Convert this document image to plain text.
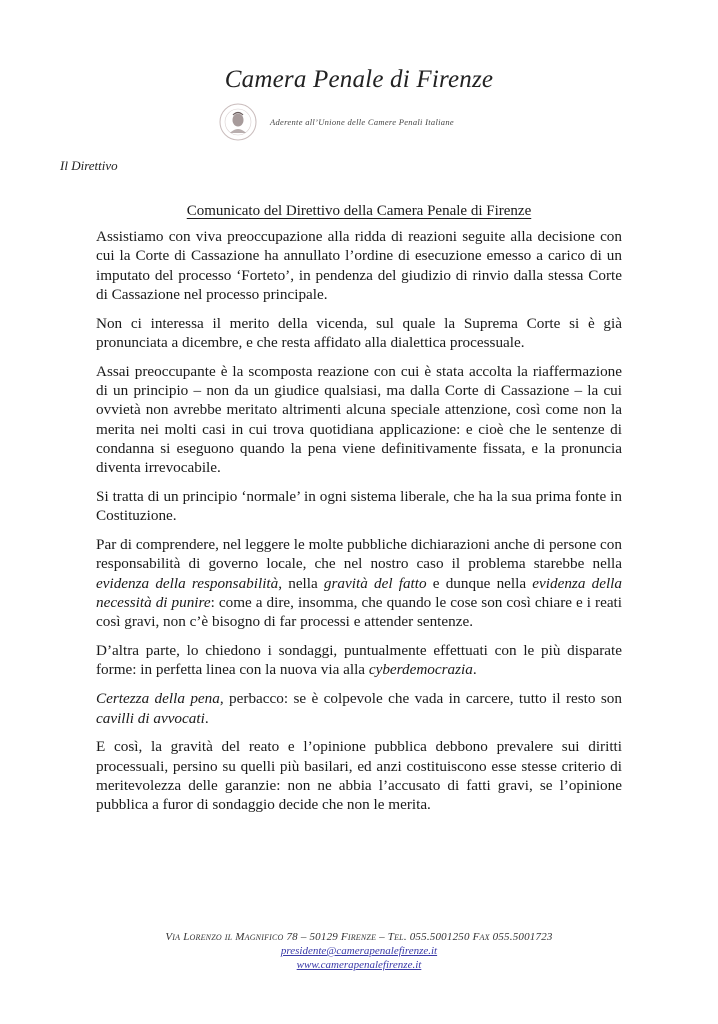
Camera Penale di Firenze
Aderente all’Unione delle Camere Penali Italiane
Il Direttivo
Comunicato del Direttivo della Camera Penale di Firenze

Assistiamo con viva preoccupazione alla ridda di reazioni seguite alla decisione con cui la Corte di Cassazione ha annullato l’ordine di esecuzione emesso a carico di un imputato del processo ‘Forteto’, in pendenza del giudizio di rinvio dalla stessa Corte di Cassazione nel processo principale.

Non ci interessa il merito della vicenda, sul quale la Suprema Corte si è già pronunciata a dicembre, e che resta affidato alla dialettica processuale.

Assai preoccupante è la scomposta reazione con cui è stata accolta la riaffermazione di un principio – non da un giudice qualsiasi, ma dalla Corte di Cassazione – la cui ovvietà non avrebbe meritato altrimenti alcuna speciale attenzione, così come non la merita nei molti casi in cui trova quotidiana applicazione: e cioè che le sentenze di condanna si eseguono quando la pena viene definitivamente fissata, e la pronuncia diventa irrevocabile.

Si tratta di un principio ‘normale’ in ogni sistema liberale, che ha la sua prima fonte in Costituzione.

Par di comprendere, nel leggere le molte pubbliche dichiarazioni anche di persone con responsabilità di governo locale, che nel nostro caso il problema starebbe nella evidenza della responsabilità, nella gravità del fatto e dunque nella evidenza della necessità di punire: come a dire, insomma, che quando le cose son così chiare e i reati così gravi, non c’è bisogno di far processi e attender sentenze.

D’altra parte, lo chiedono i sondaggi, puntualmente effettuati con le più disparate forme: in perfetta linea con la nuova via alla cyberdemocrazia.

Certezza della pena, perbacco: se è colpevole che vada in carcere, tutto il resto son cavilli di avvocati.

E così, la gravità del reato e l’opinione pubblica debbono prevalere sui diritti processuali, persino su quelli più basilari, ed anzi costituiscono esse stesse criterio di meritevolezza delle garanzie: non ne abbia l’accusato di fatti gravi, se l’opinione pubblica a furor di sondaggio decide che non le merita.

Via Lorenzo il Magnifico 78 – 50129 Firenze – Tel. 055.5001250 Fax 055.5001723
presidente@camerapenalefirenze.it
www.camerapenalefirenze.it
